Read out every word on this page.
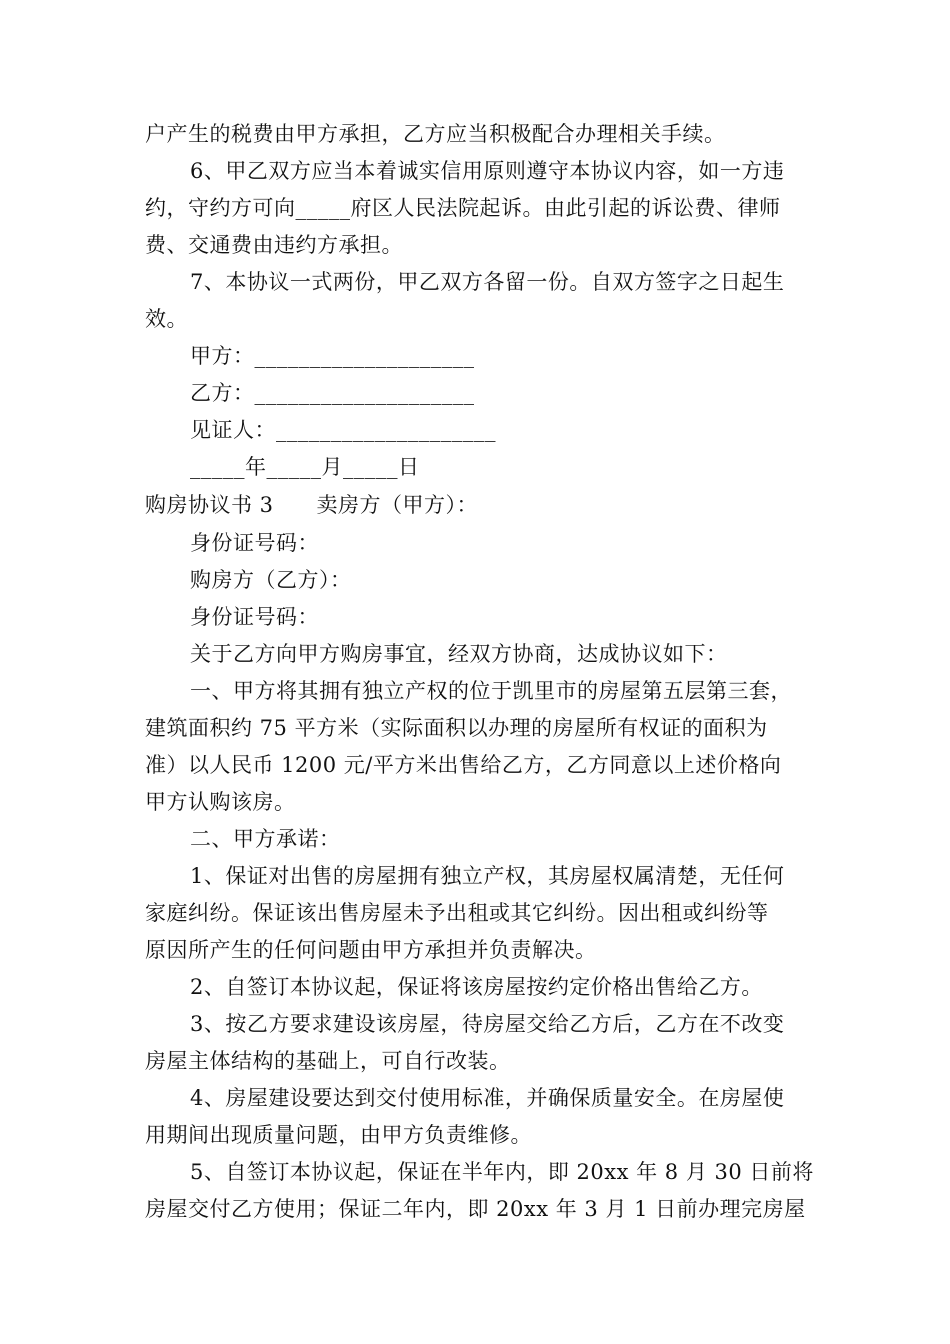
户产生的税费由甲方承担，乙方应当积极配合办理相关手续。
6、甲乙双方应当本着诚实信用原则遵守本协议内容，如一方违
约，守约方可向_____府区人民法院起诉。由此引起的诉讼费、律师
费、交通费由违约方承担。
7、本协议一式两份，甲乙双方各留一份。自双方签字之日起生
效。
甲方：____________________
乙方：____________________
见证人：____________________
_____年_____月_____日
购房协议书 3　　卖房方（甲方）：
身份证号码：
购房方（乙方）：
身份证号码：
关于乙方向甲方购房事宜，经双方协商，达成协议如下：
一、甲方将其拥有独立产权的位于凯里市的房屋第五层第三套，
建筑面积约 75 平方米（实际面积以办理的房屋所有权证的面积为
准）以人民币 1200 元/平方米出售给乙方，乙方同意以上述价格向
甲方认购该房。
二、甲方承诺：
1、保证对出售的房屋拥有独立产权，其房屋权属清楚，无任何
家庭纠纷。保证该出售房屋未予出租或其它纠纷。因出租或纠纷等
原因所产生的任何问题由甲方承担并负责解决。
2、自签订本协议起，保证将该房屋按约定价格出售给乙方。
3、按乙方要求建设该房屋，待房屋交给乙方后，乙方在不改变
房屋主体结构的基础上，可自行改装。
4、房屋建设要达到交付使用标准，并确保质量安全。在房屋使
用期间出现质量问题，由甲方负责维修。
5、自签订本协议起，保证在半年内，即 20xx 年 8 月 30 日前将
房屋交付乙方使用；保证二年内，即 20xx 年 3 月 1 日前办理完房屋
